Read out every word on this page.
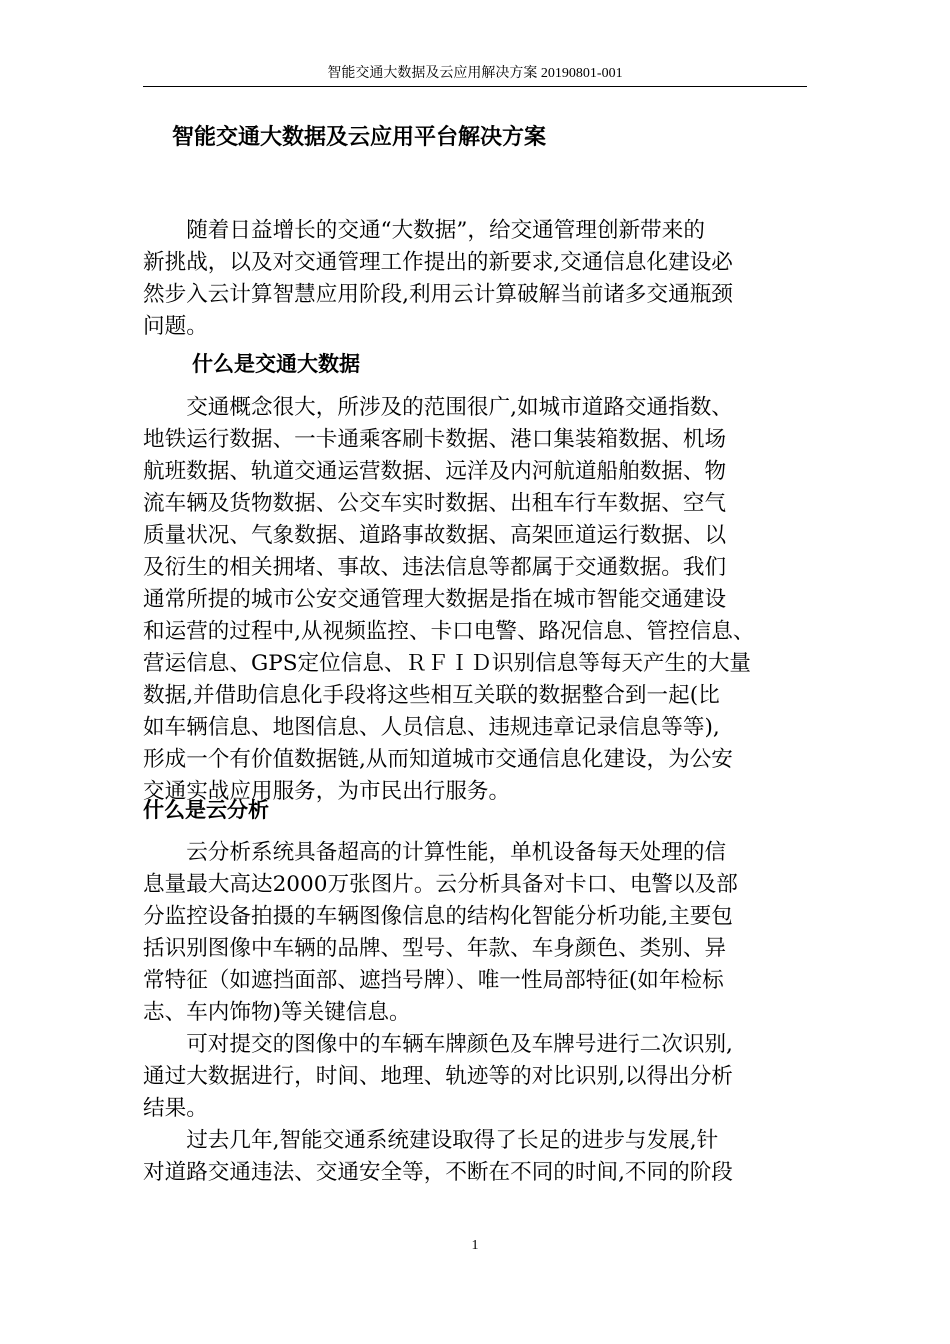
智能交通大数据及云应用解决方案 20190801-001
智能交通大数据及云应用平台解决方案

随着日益增长的交通“大数据”，给交通管理创新带来的
新挑战，以及对交通管理工作提出的新要求,交通信息化建设必
然步入云计算智慧应用阶段,利用云计算破解当前诸多交通瓶颈
问题。

什么是交通大数据

交通概念很大，所涉及的范围很广,如城市道路交通指数、
地铁运行数据、一卡通乘客刷卡数据、港口集装箱数据、机场
航班数据、轨道交通运营数据、远洋及内河航道船舶数据、物
流车辆及货物数据、公交车实时数据、出租车行车数据、空气
质量状况、气象数据、道路事故数据、高架匝道运行数据、以
及衍生的相关拥堵、事故、违法信息等都属于交通数据。我们
通常所提的城市公安交通管理大数据是指在城市智能交通建设
和运营的过程中,从视频监控、卡口电警、路况信息、管控信息、
营运信息、GPS定位信息、ＲＦＩＤ识别信息等每天产生的大量
数据,并借助信息化手段将这些相互关联的数据整合到一起(比
如车辆信息、地图信息、人员信息、违规违章记录信息等等),
形成一个有价值数据链,从而知道城市交通信息化建设，为公安
交通实战应用服务，为市民出行服务。

什么是云分析

云分析系统具备超高的计算性能，单机设备每天处理的信
息量最大高达2000万张图片。云分析具备对卡口、电警以及部
分监控设备拍摄的车辆图像信息的结构化智能分析功能,主要包
括识别图像中车辆的品牌、型号、年款、车身颜色、类别、异
常特征（如遮挡面部、遮挡号牌）、唯一性局部特征(如年检标
志、车内饰物)等关键信息。

可对提交的图像中的车辆车牌颜色及车牌号进行二次识别,
通过大数据进行，时间、地理、轨迹等的对比识别,以得出分析
结果。

过去几年,智能交通系统建设取得了长足的进步与发展,针
对道路交通违法、交通安全等，不断在不同的时间,不同的阶段

1
